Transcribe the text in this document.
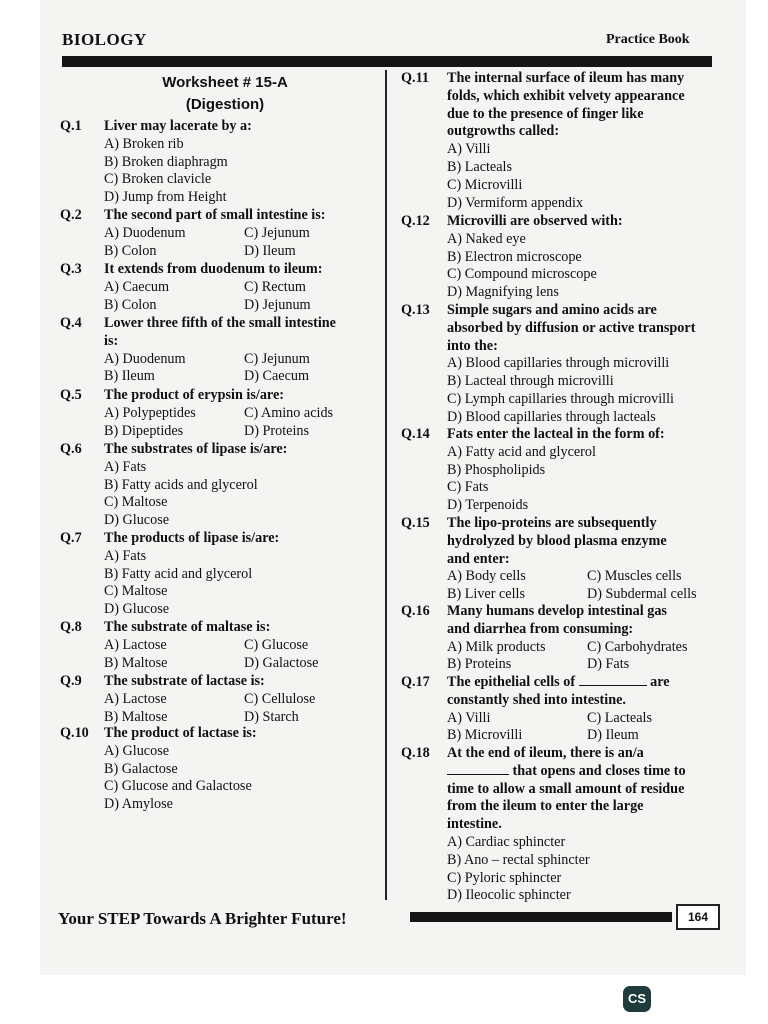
BIOLOGY	Practice Book
Worksheet # 15-A
(Digestion)
Q.1 Liver may lacerate by a:
A) Broken rib
B) Broken diaphragm
C) Broken clavicle
D) Jump from Height
Q.2 The second part of small intestine is:
A) Duodenum	C) Jejunum
B) Colon	D) Ileum
Q.3 It extends from duodenum to ileum:
A) Caecum	C) Rectum
B) Colon	D) Jejunum
Q.4 Lower three fifth of the small intestine
is:
A) Duodenum	C) Jejunum
B) Ileum	D) Caecum
Q.5 The product of erypsin is/are:
A) Polypeptides	C) Amino acids
B) Dipeptides	D) Proteins
Q.6 The substrates of lipase is/are:
A) Fats
B) Fatty acids and glycerol
C) Maltose
D) Glucose
Q.7 The products of lipase is/are:
A) Fats
B) Fatty acid and glycerol
C) Maltose
D) Glucose
Q.8 The substrate of maltase is:
A) Lactose	C) Glucose
B) Maltose	D) Galactose
Q.9 The substrate of lactase is:
A) Lactose	C) Cellulose
B) Maltose	D) Starch
Q.10 The product of lactase is:
A) Glucose
B) Galactose
C) Glucose and Galactose
D) Amylose
Q.11 The internal surface of ileum has many
folds, which exhibit velvety appearance
due to the presence of finger like
outgrowths called:
A) Villi
B) Lacteals
C) Microvilli
D) Vermiform appendix
Q.12 Microvilli are observed with:
A) Naked eye
B) Electron microscope
C) Compound microscope
D) Magnifying lens
Q.13 Simple sugars and amino acids are
absorbed by diffusion or active transport
into the:
A) Blood capillaries through microvilli
B) Lacteal through microvilli
C) Lymph capillaries through microvilli
D) Blood capillaries through lacteals
Q.14 Fats enter the lacteal in the form of:
A) Fatty acid and glycerol
B) Phospholipids
C) Fats
D) Terpenoids
Q.15 The lipo-proteins are subsequently
hydrolyzed by blood plasma enzyme
and enter:
A) Body cells	C) Muscles cells
B) Liver cells	D) Subdermal cells
Q.16 Many humans develop intestinal gas
and diarrhea from consuming:
A) Milk products	C) Carbohydrates
B) Proteins	D) Fats
Q.17 The epithelial cells of	are
constantly shed into intestine.
A) Villi	C) Lacteals
B) Microvilli	D) Ileum
Q.18 At the end of ileum, there is an/a
that opens and closes time to
time to allow a small amount of residue
from the ileum to enter the large
intestine.
A) Cardiac sphincter
B) Ano – rectal sphincter
C) Pyloric sphincter
D) Ileocolic sphincter
Your STEP Towards A Brighter Future!	164
CS
